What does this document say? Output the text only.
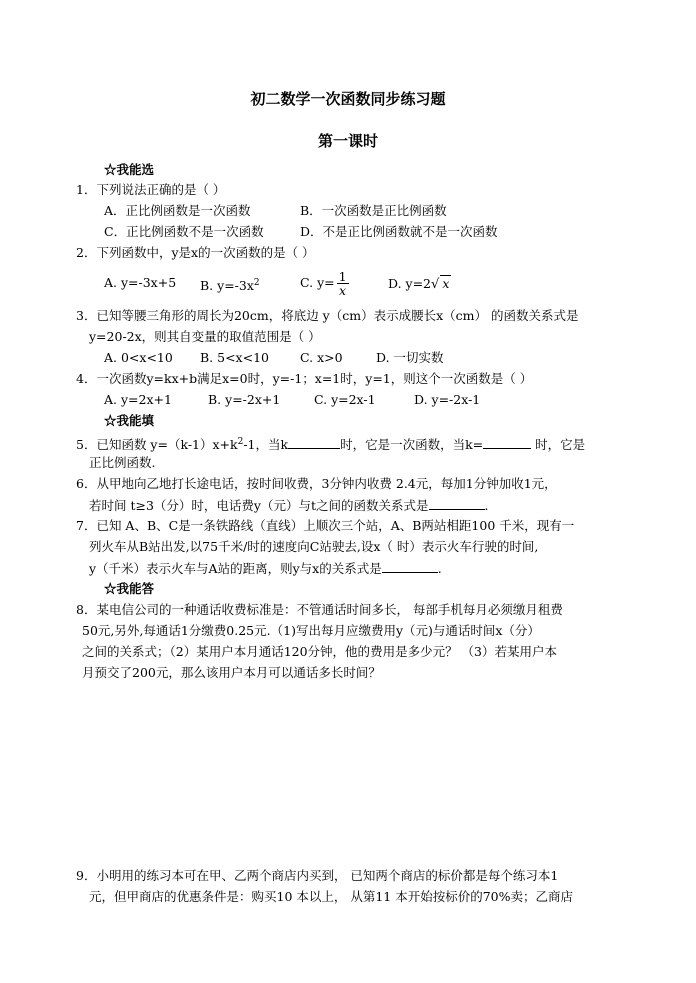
初二数学一次函数同步练习题
第一课时
☆我能选
1．下列说法正确的是（ ）
A．正比例函数是一次函数	B．一次函数是正比例函数
C．正比例函数不是一次函数	D．不是正比例函数就不是一次函数
2．下列函数中，y是x的一次函数的是（ ）
A. y=-3x+5 B. $y=-3x^2$	C. $y= \frac{1}{x}$	D. y=2√ x
3．已知等腰三角形的周长为20cm，将底边 y（cm）表示成腰长x（cm） 的函数关系式是
y=20-2x，则其自变量的取值范围是（ ）
A. 0<x<10 B. 5<x<10 C. x>0	D. 一切实数
4．一次函数y=kx+b满足x=0时，y=-1；x=1时，y=1，则这个一次函数是（ ）
A. y=2x+1	B. y=-2x+1	C. y=2x-1	D. y=-2x-1
☆我能填
5．已知函数 $y=(k-1)x+k^2-1$，当k	时，它是一次函数，当k=	时，它是
正比例函数.
6．从甲地向乙地打长途电话，按时间收费，3分钟内收费 2.4元，每加1分钟加收1元，
若时间 t≥3（分）时，电话费y（元）与t之间的函数关系式是	.
7．已知 A、B、C是一条铁路线（直线）上顺次三个站，A、B两站相距100 千米，现有一
列火车从B站出发,以75千米/时的速度向C站驶去,设x（ 时）表示火车行驶的时间,
y（千米）表示火车与A站的距离，则y与x的关系式是	.
☆我能答
8．某电信公司的一种通话收费标准是：不管通话时间多长， 每部手机每月必须缴月租费
50元,另外,每通话1分缴费0.25元.（1)写出每月应缴费用y（元)与通话时间x（分）
之间的关系式；（2）某用户本月通话120分钟，他的费用是多少元？ （3）若某用户本
月预交了200元，那么该用户本月可以通话多长时间？
9．小明用的练习本可在甲、乙两个商店内买到， 已知两个商店的标价都是每个练习本1
元，但甲商店的优惠条件是：购买10 本以上， 从第11 本开始按标价的70%卖；乙商店
